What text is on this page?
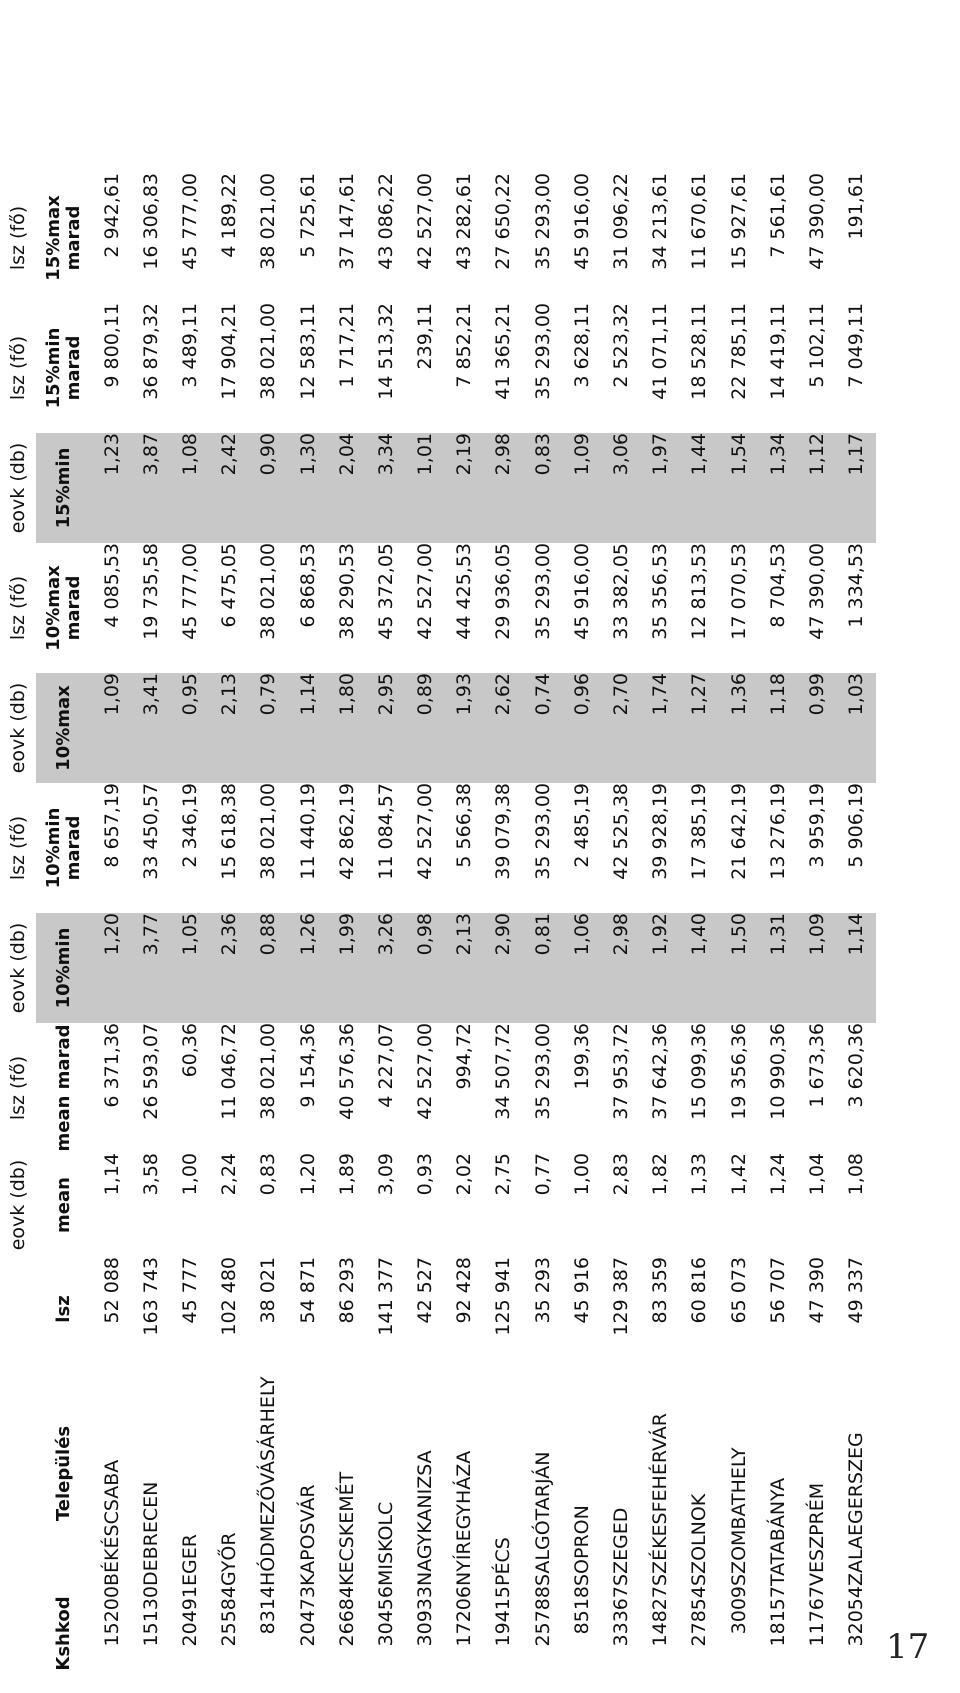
			eovk (db)	lsz (fő)	eovk (db)	lsz (fő)	eovk (db)	lsz (fő)	eovk (db)	lsz (fő)	lsz (fő)
Kshkod	Település	lsz	mean	mean marad	10%min	10%min marad	10%max	10%max marad	15%min	15%min marad	15%max marad
15200	BÉKÉSCSABA	52 088	1,14	6 371,36	1,20	8 657,19	1,09	4 085,53	1,23	9 800,11	2 942,61
15130	DEBRECEN	163 743	3,58	26 593,07	3,77	33 450,57	3,41	19 735,58	3,87	36 879,32	16 306,83
20491	EGER	45 777	1,00	60,36	1,05	2 346,19	0,95	45 777,00	1,08	3 489,11	45 777,00
25584	GYŐR	102 480	2,24	11 046,72	2,36	15 618,38	2,13	6 475,05	2,42	17 904,21	4 189,22
8314	HÓDMEZŐVÁSÁRHELY	38 021	0,83	38 021,00	0,88	38 021,00	0,79	38 021,00	0,90	38 021,00	38 021,00
20473	KAPOSVÁR	54 871	1,20	9 154,36	1,26	11 440,19	1,14	6 868,53	1,30	12 583,11	5 725,61
26684	KECSKEMÉT	86 293	1,89	40 576,36	1,99	42 862,19	1,80	38 290,53	2,04	1 717,21	37 147,61
30456	MISKOLC	141 377	3,09	4 227,07	3,26	11 084,57	2,95	45 372,05	3,34	14 513,32	43 086,22
30933	NAGYKANIZSA	42 527	0,93	42 527,00	0,98	42 527,00	0,89	42 527,00	1,01	239,11	42 527,00
17206	NYÍREGYHÁZA	92 428	2,02	994,72	2,13	5 566,38	1,93	44 425,53	2,19	7 852,21	43 282,61
19415	PÉCS	125 941	2,75	34 507,72	2,90	39 079,38	2,62	29 936,05	2,98	41 365,21	27 650,22
25788	SALGÓTARJÁN	35 293	0,77	35 293,00	0,81	35 293,00	0,74	35 293,00	0,83	35 293,00	35 293,00
8518	SOPRON	45 916	1,00	199,36	1,06	2 485,19	0,96	45 916,00	1,09	3 628,11	45 916,00
33367	SZEGED	129 387	2,83	37 953,72	2,98	42 525,38	2,70	33 382,05	3,06	2 523,32	31 096,22
14827	SZÉKESFEHÉRVÁR	83 359	1,82	37 642,36	1,92	39 928,19	1,74	35 356,53	1,97	41 071,11	34 213,61
27854	SZOLNOK	60 816	1,33	15 099,36	1,40	17 385,19	1,27	12 813,53	1,44	18 528,11	11 670,61
3009	SZOMBATHELY	65 073	1,42	19 356,36	1,50	21 642,19	1,36	17 070,53	1,54	22 785,11	15 927,61
18157	TATABÁNYA	56 707	1,24	10 990,36	1,31	13 276,19	1,18	8 704,53	1,34	14 419,11	7 561,61
11767	VESZPRÉM	47 390	1,04	1 673,36	1,09	3 959,19	0,99	47 390,00	1,12	5 102,11	47 390,00
32054	ZALAEGERSZEG	49 337	1,08	3 620,36	1,14	5 906,19	1,03	1 334,53	1,17	7 049,11	191,61
17
